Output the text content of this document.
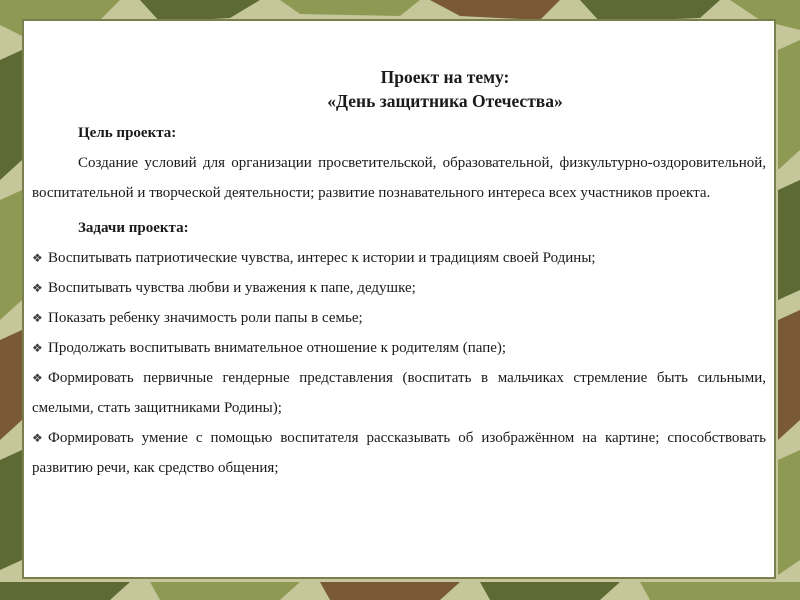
Проект на тему:
«День защитника Отечества»
Цель проекта:

Создание условий для организации просветительской, образовательной, физкультурно-оздоровительной, воспитательной и творческой деятельности; развитие познавательного интереса всех участников проекта.

Задачи проекта:

❖ Воспитывать патриотические чувства, интерес к истории и традициям своей Родины;

❖ Воспитывать чувства любви и уважения к папе, дедушке;

❖ Показать ребенку значимость роли папы в семье;

❖ Продолжать воспитывать внимательное отношение к родителям (папе);

❖ Формировать первичные гендерные представления (воспитать в мальчиках стремление быть сильными, смелыми, стать защитниками Родины);

❖ Формировать умение с помощью воспитателя рассказывать об изображённом на картине; способствовать развитию речи, как средство общения;
